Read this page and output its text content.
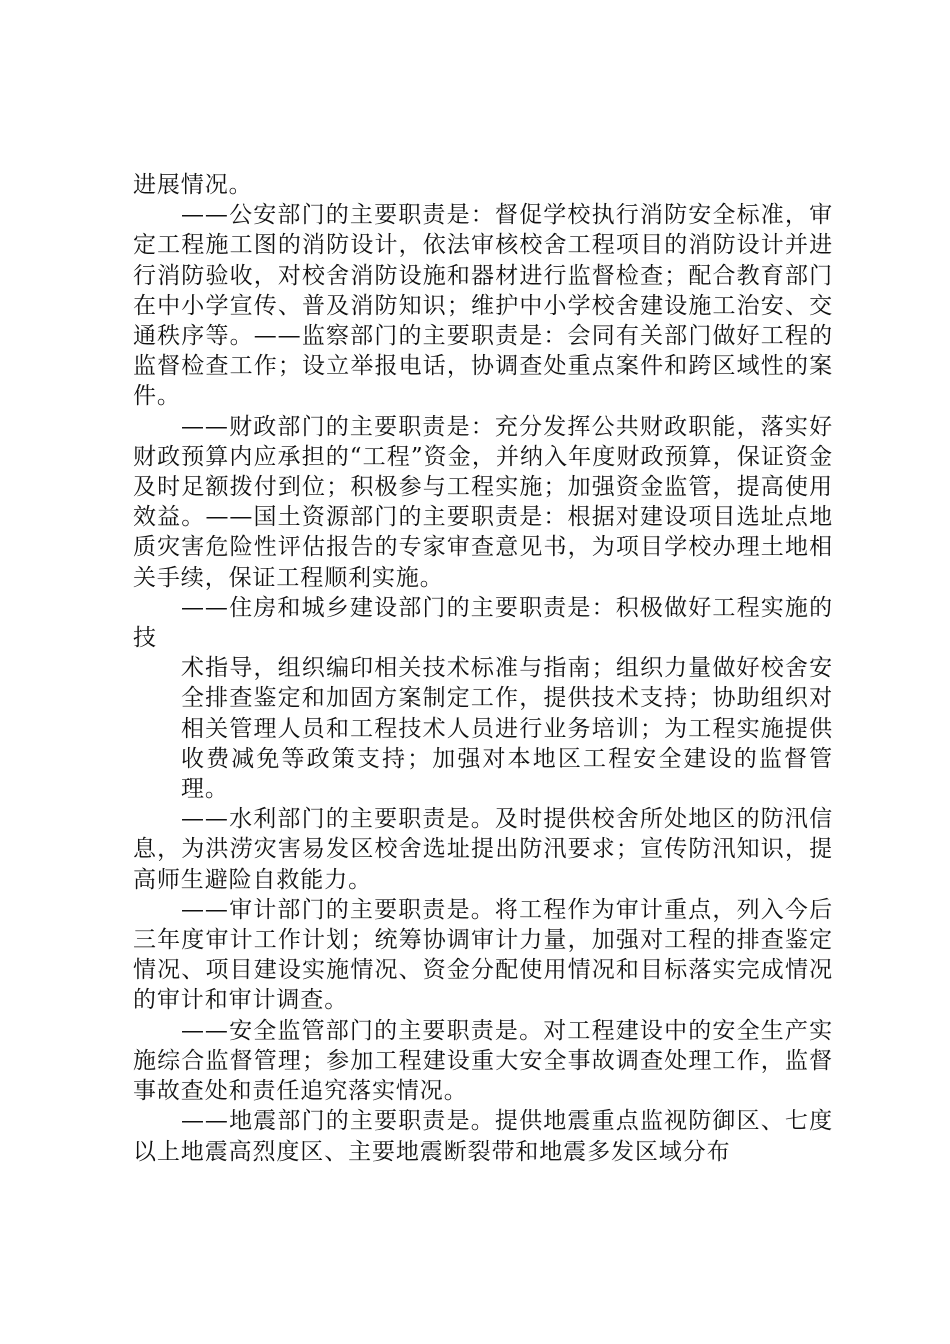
进展情况。

——公安部门的主要职责是：督促学校执行消防安全标准，审定工程施工图的消防设计，依法审核校舍工程项目的消防设计并进行消防验收，对校舍消防设施和器材进行监督检查；配合教育部门在中小学宣传、普及消防知识；维护中小学校舍建设施工治安、交通秩序等。——监察部门的主要职责是：会同有关部门做好工程的监督检查工作；设立举报电话，协调查处重点案件和跨区域性的案件。

——财政部门的主要职责是：充分发挥公共财政职能，落实好财政预算内应承担的“工程”资金，并纳入年度财政预算，保证资金及时足额拨付到位；积极参与工程实施；加强资金监管，提高使用效益。——国土资源部门的主要职责是：根据对建设项目选址点地质灾害危险性评估报告的专家审查意见书，为项目学校办理土地相关手续，保证工程顺利实施。

——住房和城乡建设部门的主要职责是：积极做好工程实施的技

术指导，组织编印相关技术标准与指南；组织力量做好校舍安全排查鉴定和加固方案制定工作，提供技术支持；协助组织对相关管理人员和工程技术人员进行业务培训；为工程实施提供收费减免等政策支持；加强对本地区工程安全建设的监督管理。

——水利部门的主要职责是。及时提供校舍所处地区的防汛信息，为洪涝灾害易发区校舍选址提出防汛要求；宣传防汛知识，提高师生避险自救能力。

——审计部门的主要职责是。将工程作为审计重点，列入今后三年度审计工作计划；统筹协调审计力量，加强对工程的排查鉴定情况、项目建设实施情况、资金分配使用情况和目标落实完成情况的审计和审计调查。

——安全监管部门的主要职责是。对工程建设中的安全生产实施综合监督管理；参加工程建设重大安全事故调查处理工作，监督事故查处和责任追究落实情况。

——地震部门的主要职责是。提供地震重点监视防御区、七度以上地震高烈度区、主要地震断裂带和地震多发区域分布
